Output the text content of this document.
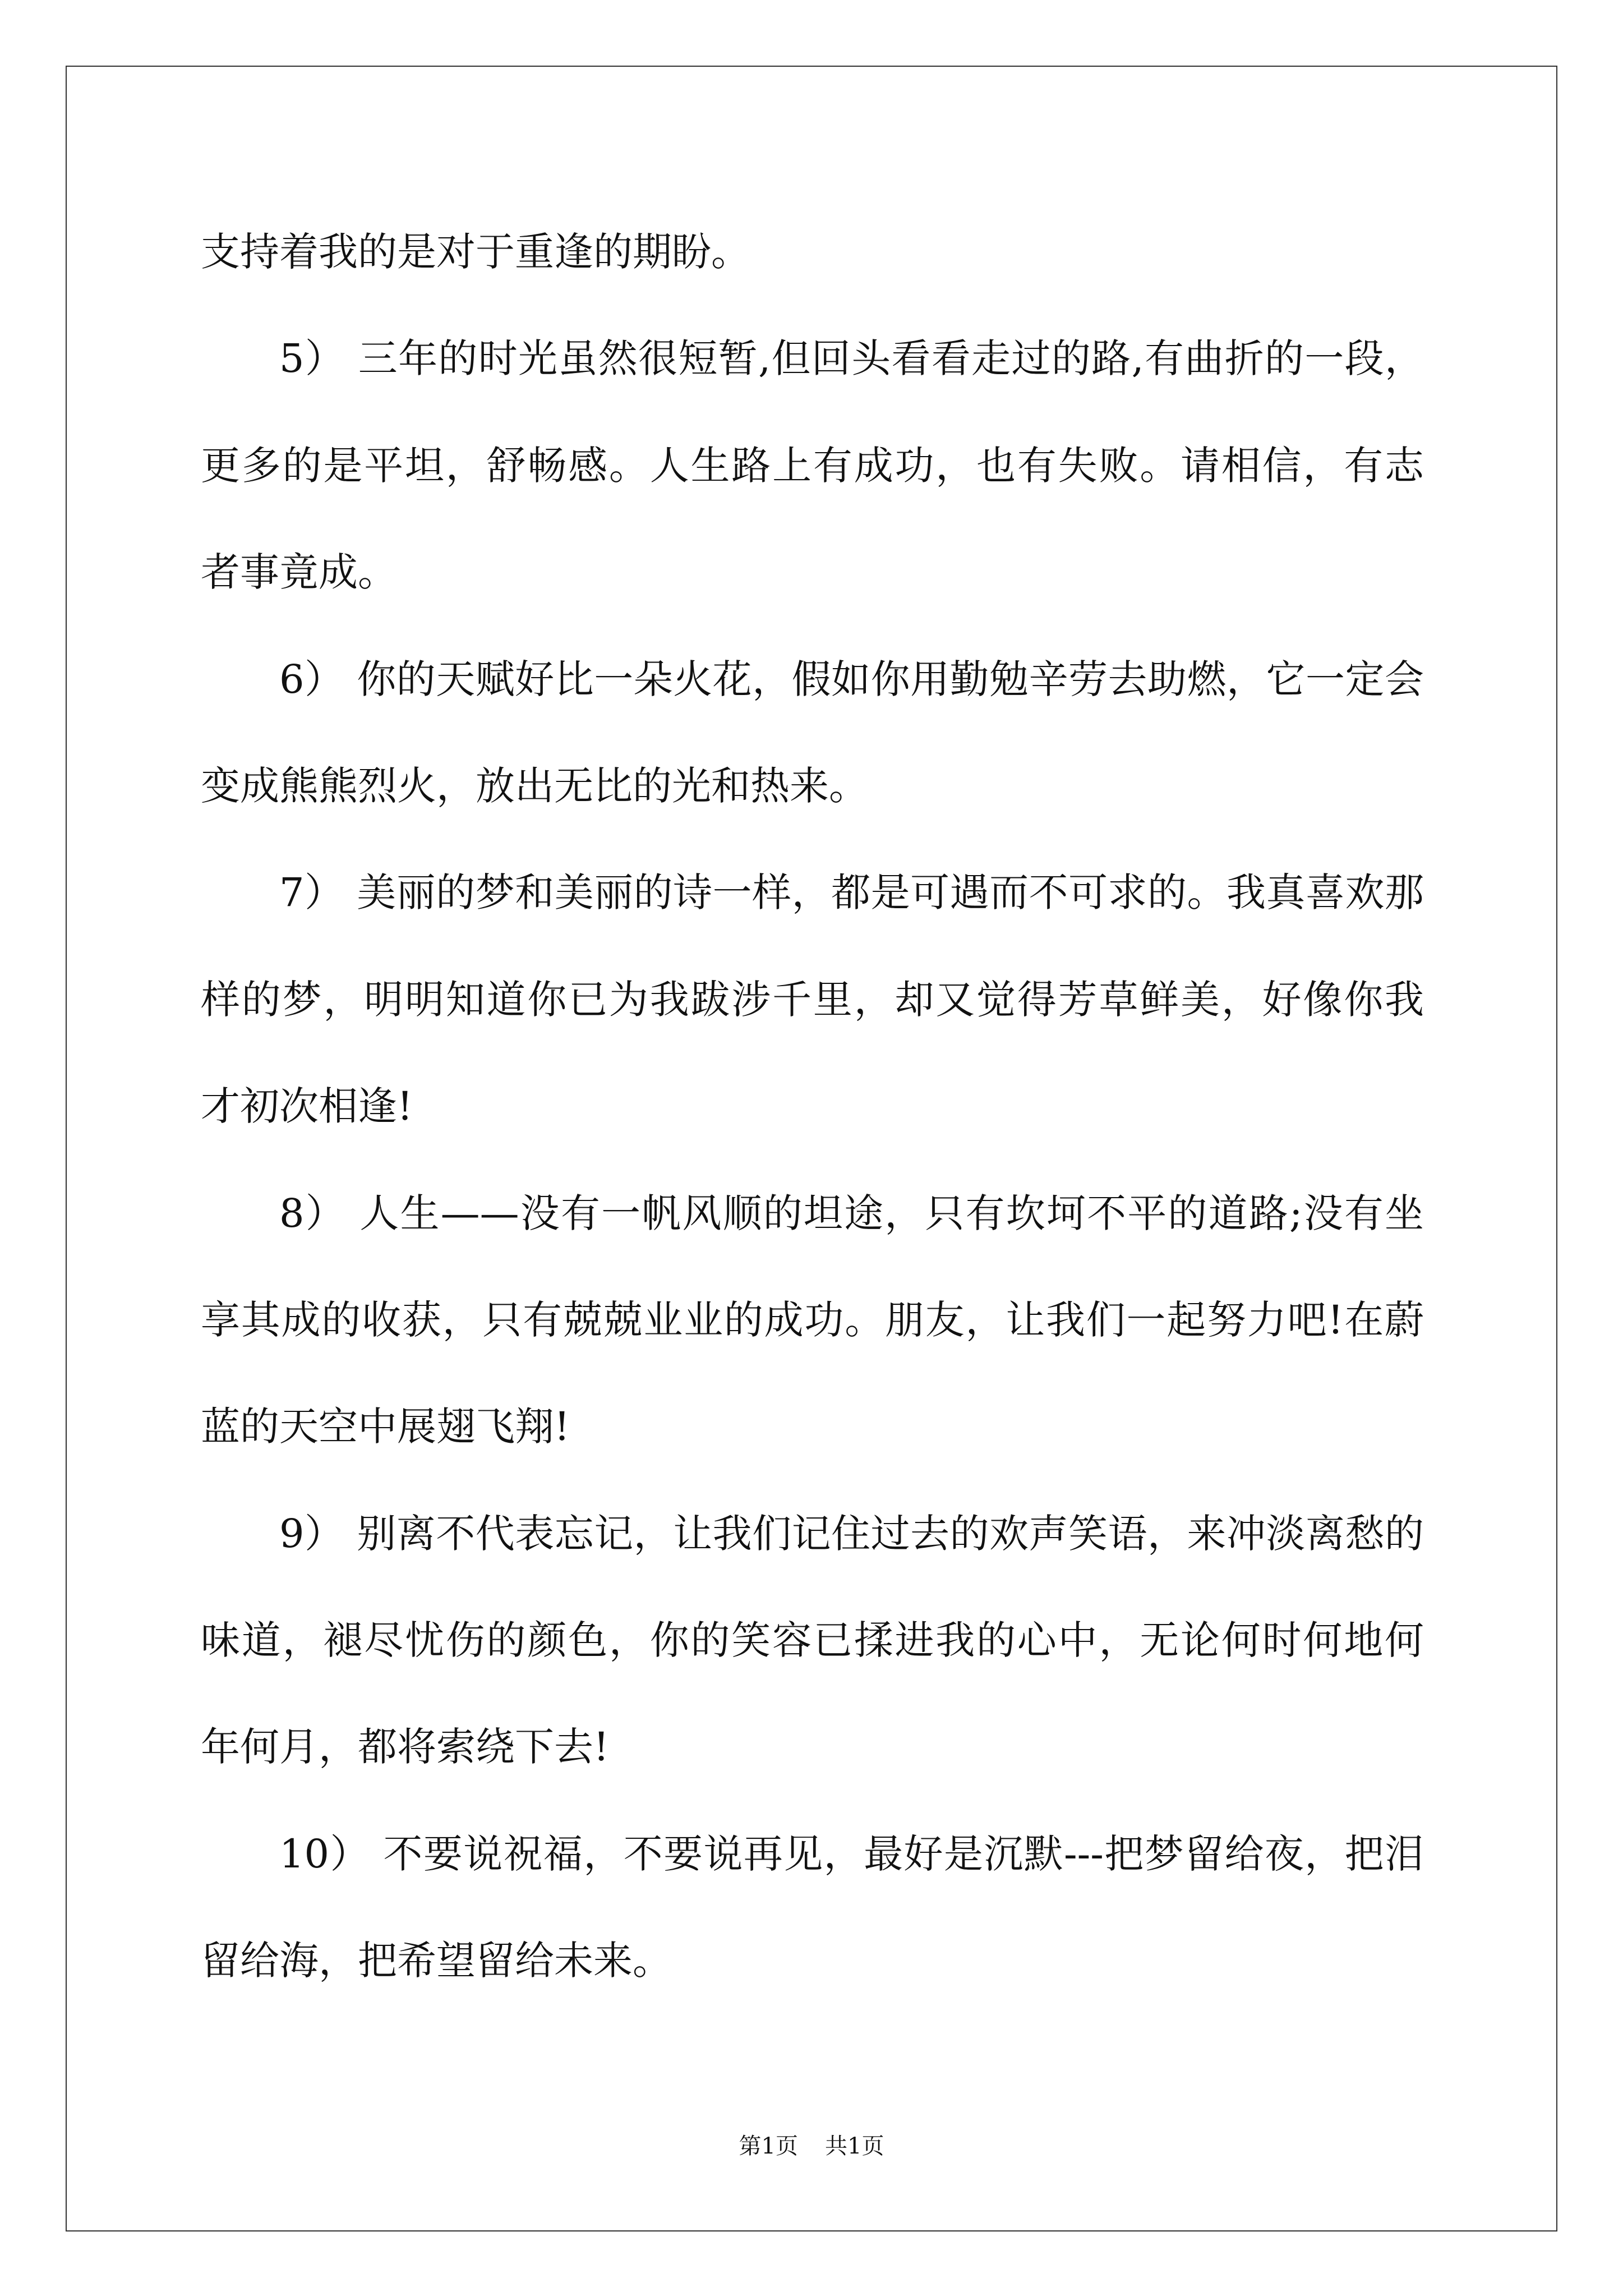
支持着我的是对于重逢的期盼。
5） 三年的时光虽然很短暂,但回头看看走过的路,有曲折的一段，
更多的是平坦，舒畅感。人生路上有成功，也有失败。请相信，有志
者事竟成。
6） 你的天赋好比一朵火花，假如你用勤勉辛劳去助燃，它一定会
变成熊熊烈火，放出无比的光和热来。
7） 美丽的梦和美丽的诗一样，都是可遇而不可求的。我真喜欢那
样的梦，明明知道你已为我跋涉千里，却又觉得芳草鲜美，好像你我
才初次相逢!
8） 人生——没有一帆风顺的坦途，只有坎坷不平的道路;没有坐
享其成的收获，只有兢兢业业的成功。朋友，让我们一起努力吧!在蔚
蓝的天空中展翅飞翔!
9） 别离不代表忘记，让我们记住过去的欢声笑语，来冲淡离愁的
味道，褪尽忧伤的颜色，你的笑容已揉进我的心中，无论何时何地何
年何月，都将索绕下去!
10） 不要说祝福，不要说再见，最好是沉默---把梦留给夜，把泪
留给海，把希望留给未来。
第1页 共1页
